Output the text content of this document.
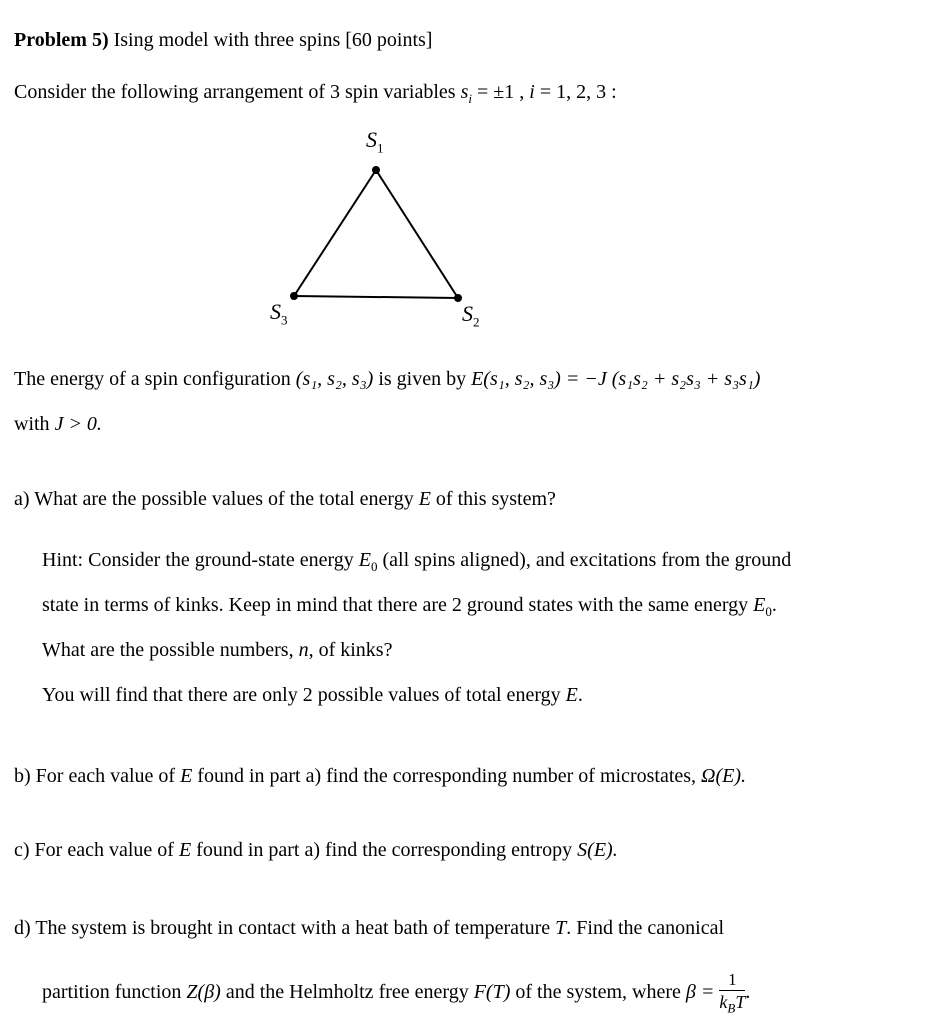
Problem 5) Ising model with three spins [60 points]
Consider the following arrangement of 3 spin variables $s_i = \pm 1$ , i = 1, 2, 3 :
$S_1$
$S_3$	$S_2$
The energy of a spin configuration (s₁, s₂, s₃) is given by E(s₁, s₂, s₃) = −J (s₁s₂ + s₂s₃ + s₃s₁)
with J > 0.
a) What are the possible values of the total energy E of this system?
Hint: Consider the ground-state energy $E_0$ (all spins aligned), and excitations from the ground
state in terms of kinks. Keep in mind that there are 2 ground states with the same energy $E_0$.
What are the possible numbers, n, of kinks?
You will find that there are only 2 possible values of total energy E.
b) For each value of E found in part a) find the corresponding number of microstates, Ω(E).
c) For each value of E found in part a) find the corresponding entropy S(E).
d) The system is brought in contact with a heat bath of temperature T. Find the canonical
partition function Z(β) and the Helmholtz free energy F(T) of the system, where $\beta = \frac{1}{k_BT}$ .
